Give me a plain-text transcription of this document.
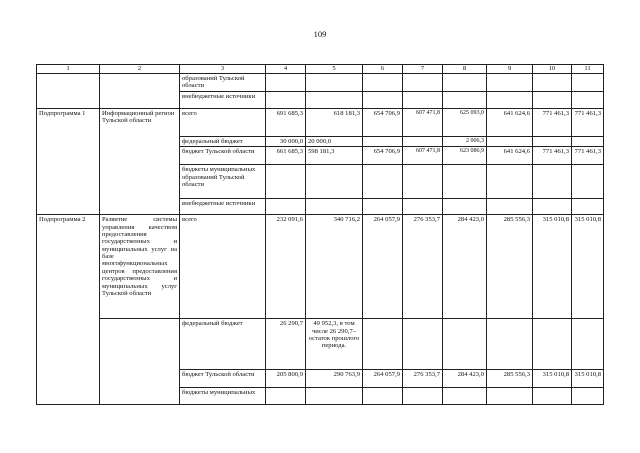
109
1	2	3	4	5	6	7	8	9	10	11
		образований Тульской области								
		внебюджетные источники								
Подпрограмма 1	Информационный регион Тульской области	всего	691 685,3	618 181,3	654 706,9	607 471,8	625 093,0	641 624,6	771 461,3	771 461,3
		федеральный бюджет	30 000,0	20 000,0			2 006,3			
		бюджет Тульской области	661 685,3	598 181,3	654 706,9	607 471,8	623 086,9	641 624,6	771 461,3	771 461,3
		бюджеты муниципальных образований Тульской области								
		внебюджетные источники								
Подпрограмма 2	Развитие системы управления качеством предоставления государственных и муниципальных услуг на базе многофункциональных центров предоставления государственных и муниципальных услуг Тульской области	всего	232 091,6	340 716,2	264 057,9	276 353,7	284 423,0	285 556,3	315 010,8	315 010,8
		федеральный бюджет	26 290,7	49 952,3, в том числе 26 290,7– остаток прошлого периода.						
		бюджет Тульской области	205 800,9	290 763,9	264 057,9	276 353,7	284 423,0	285 556,3	315 010,8	315 010,8
		бюджеты муниципальных								
